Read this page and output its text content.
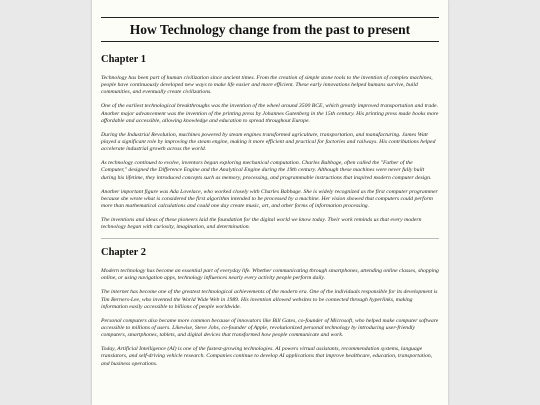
How Technology change from the past to present
Chapter 1

Technology has been part of human civilization since ancient times. From the creation of simple stone tools to the invention of complex machines, people have continuously developed new ways to make life easier and more efficient. These early innovations helped humans survive, build communities, and eventually create civilizations.

One of the earliest technological breakthroughs was the invention of the wheel around 3500 BCE, which greatly improved transportation and trade. Another major advancement was the invention of the printing press by Johannes Gutenberg in the 15th century. His printing press made books more affordable and accessible, allowing knowledge and education to spread throughout Europe.

During the Industrial Revolution, machines powered by steam engines transformed agriculture, transportation, and manufacturing. James Watt played a significant role by improving the steam engine, making it more efficient and practical for factories and railways. His contributions helped accelerate industrial growth across the world.

As technology continued to evolve, inventors began exploring mechanical computation. Charles Babbage, often called the "Father of the Computer," designed the Difference Engine and the Analytical Engine during the 19th century. Although these machines were never fully built during his lifetime, they introduced concepts such as memory, processing, and programmable instructions that inspired modern computer design.

Another important figure was Ada Lovelace, who worked closely with Charles Babbage. She is widely recognized as the first computer programmer because she wrote what is considered the first algorithm intended to be processed by a machine. Her vision showed that computers could perform more than mathematical calculations and could one day create music, art, and other forms of information processing.

The inventions and ideas of these pioneers laid the foundation for the digital world we know today. Their work reminds us that every modern technology began with curiosity, imagination, and determination.

Chapter 2

Modern technology has become an essential part of everyday life. Whether communicating through smartphones, attending online classes, shopping online, or using navigation apps, technology influences nearly every activity people perform daily.

The internet has become one of the greatest technological achievements of the modern era. One of the individuals responsible for its development is Tim Berners-Lee, who invented the World Wide Web in 1989. His invention allowed websites to be connected through hyperlinks, making information easily accessible to billions of people worldwide.

Personal computers also became more common because of innovators like Bill Gates, co-founder of Microsoft, who helped make computer software accessible to millions of users. Likewise, Steve Jobs, co-founder of Apple, revolutionized personal technology by introducing user-friendly computers, smartphones, tablets, and digital devices that transformed how people communicate and work.

Today, Artificial Intelligence (AI) is one of the fastest-growing technologies. AI powers virtual assistants, recommendation systems, language translators, and self-driving vehicle research. Companies continue to develop AI applications that improve healthcare, education, transportation, and business operations.
